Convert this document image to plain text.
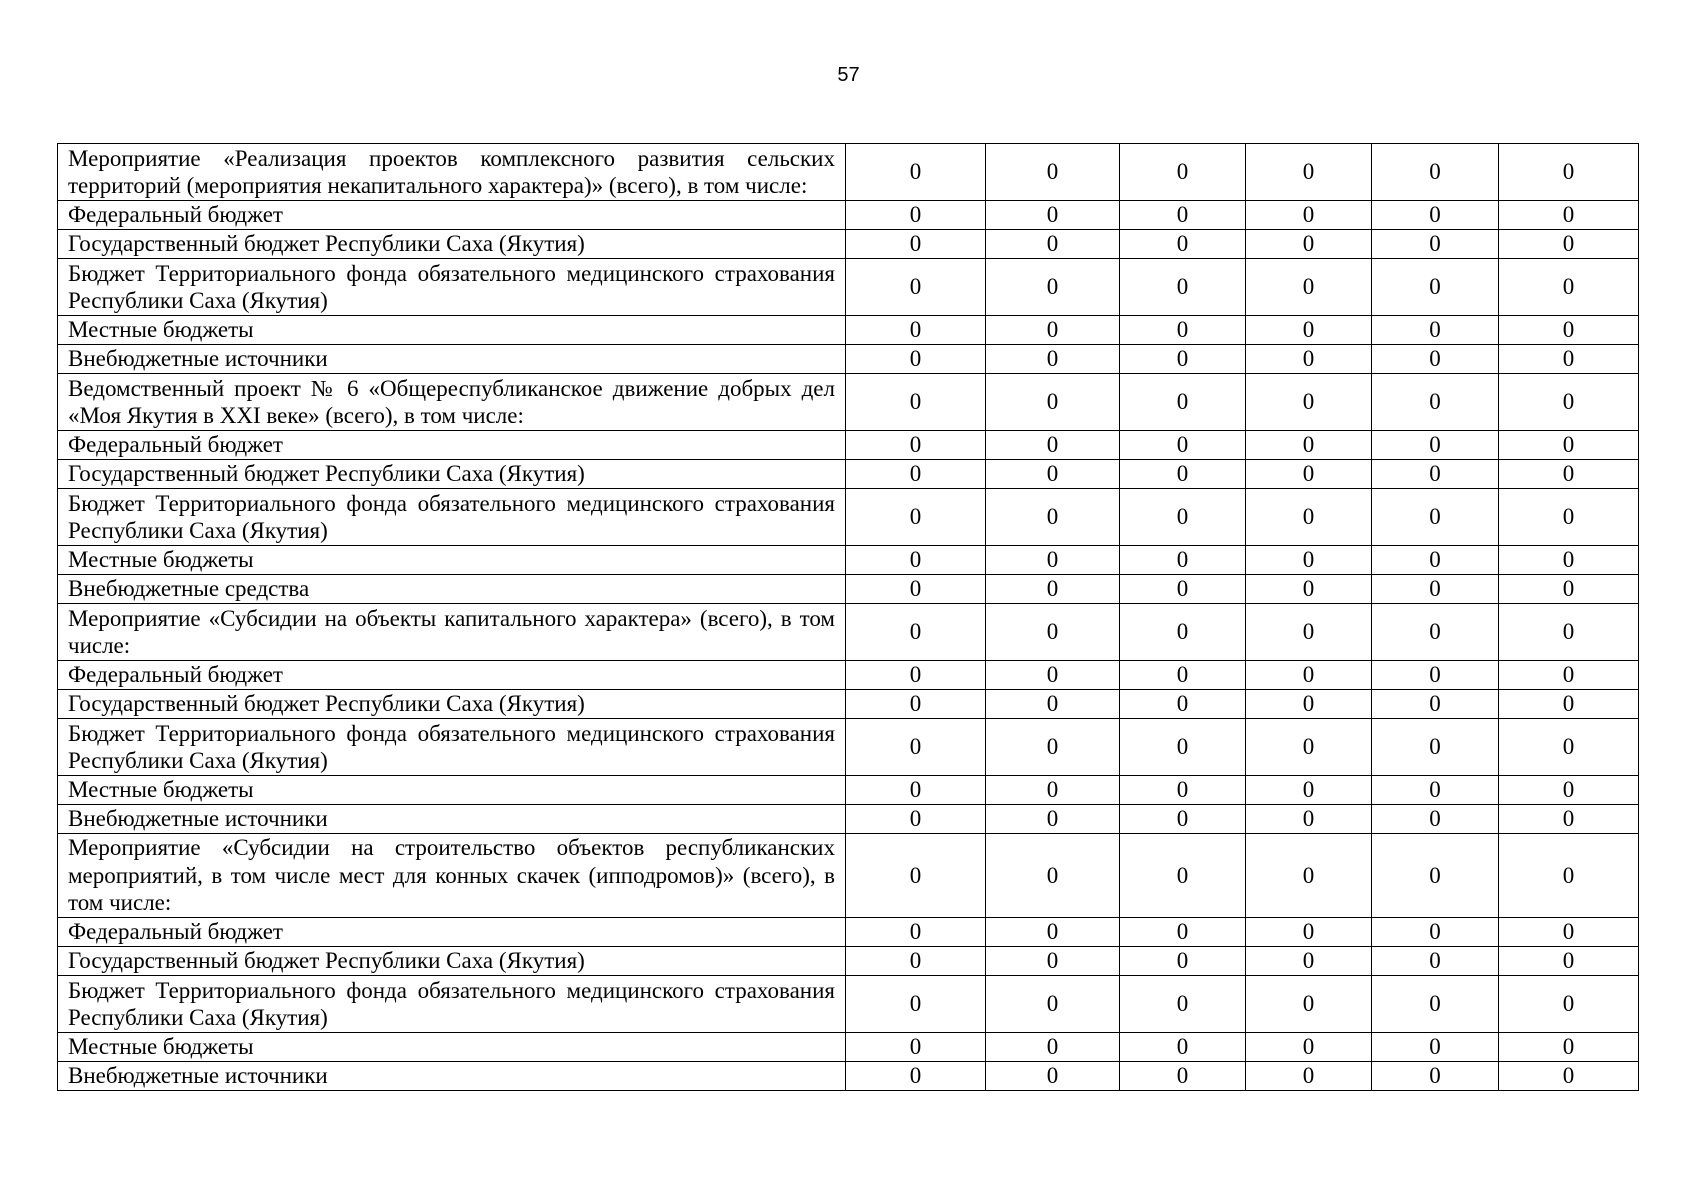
57
Мероприятие «Реализация проектов комплексного развития сельских территорий (мероприятия некапитального характера)» (всего), в том числе:	0	0	0	0	0	0
Федеральный бюджет	0	0	0	0	0	0
Государственный бюджет Республики Саха (Якутия)	0	0	0	0	0	0
Бюджет Территориального фонда обязательного медицинского страхования Республики Саха (Якутия)	0	0	0	0	0	0
Местные бюджеты	0	0	0	0	0	0
Внебюджетные источники	0	0	0	0	0	0
Ведомственный проект № 6 «Общереспубликанское движение добрых дел «Моя Якутия в XXI веке» (всего), в том числе:	0	0	0	0	0	0
Федеральный бюджет	0	0	0	0	0	0
Государственный бюджет Республики Саха (Якутия)	0	0	0	0	0	0
Бюджет Территориального фонда обязательного медицинского страхования Республики Саха (Якутия)	0	0	0	0	0	0
Местные бюджеты	0	0	0	0	0	0
Внебюджетные средства	0	0	0	0	0	0
Мероприятие «Субсидии на объекты капитального характера» (всего), в том числе:	0	0	0	0	0	0
Федеральный бюджет	0	0	0	0	0	0
Государственный бюджет Республики Саха (Якутия)	0	0	0	0	0	0
Бюджет Территориального фонда обязательного медицинского страхования Республики Саха (Якутия)	0	0	0	0	0	0
Местные бюджеты	0	0	0	0	0	0
Внебюджетные источники	0	0	0	0	0	0
Мероприятие «Субсидии на строительство объектов республиканских мероприятий, в том числе мест для конных скачек (ипподромов)» (всего), в том числе:	0	0	0	0	0	0
Федеральный бюджет	0	0	0	0	0	0
Государственный бюджет Республики Саха (Якутия)	0	0	0	0	0	0
Бюджет Территориального фонда обязательного медицинского страхования Республики Саха (Якутия)	0	0	0	0	0	0
Местные бюджеты	0	0	0	0	0	0
Внебюджетные источники	0	0	0	0	0	0
